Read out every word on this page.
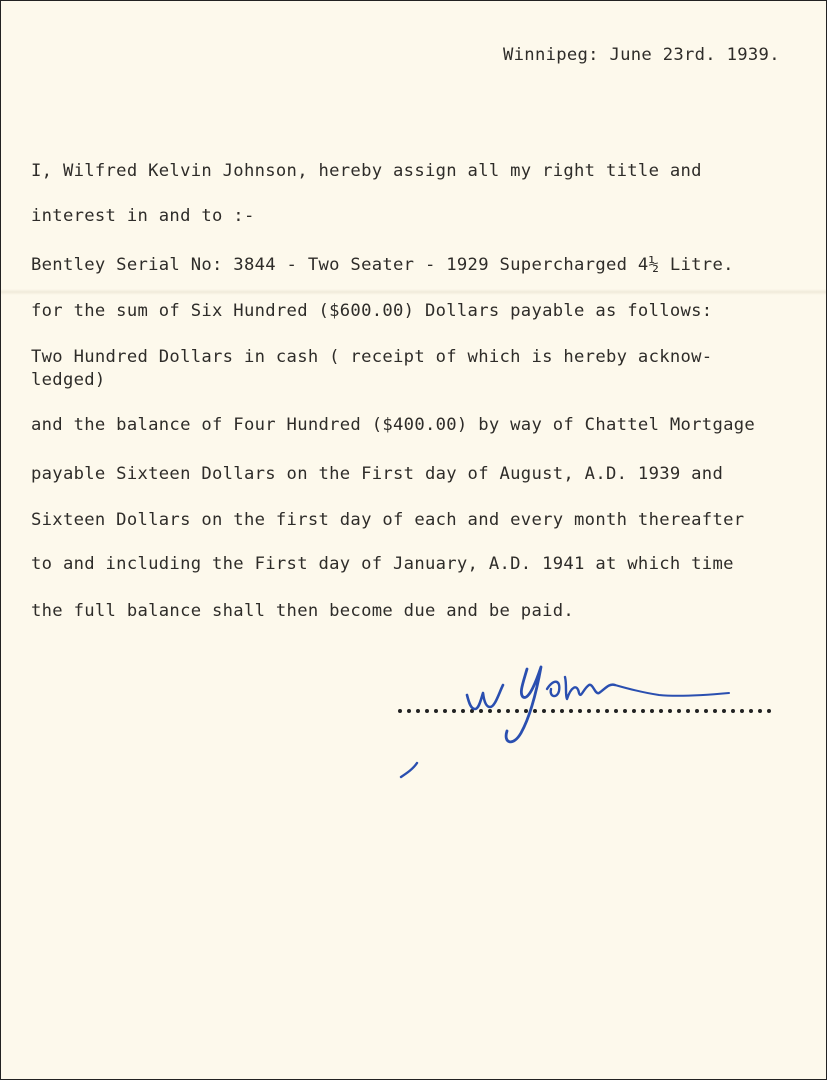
Winnipeg: June 23rd. 1939.
I, Wilfred Kelvin Johnson, hereby assign all my right title and
interest in and to :-
Bentley Serial No: 3844 - Two Seater - 1929 Supercharged 4½ Litre.
for the sum of Six Hundred ($600.00) Dollars payable as follows:
Two Hundred Dollars in cash ( receipt of which is hereby acknow-
ledged)
and the balance of Four Hundred ($400.00) by way of Chattel Mortgage
payable Sixteen Dollars on the First day of August, A.D. 1939 and
Sixteen Dollars on the first day of each and every month thereafter
to and including the First day of January, A.D. 1941 at which time
the full balance shall then become due and be paid.
